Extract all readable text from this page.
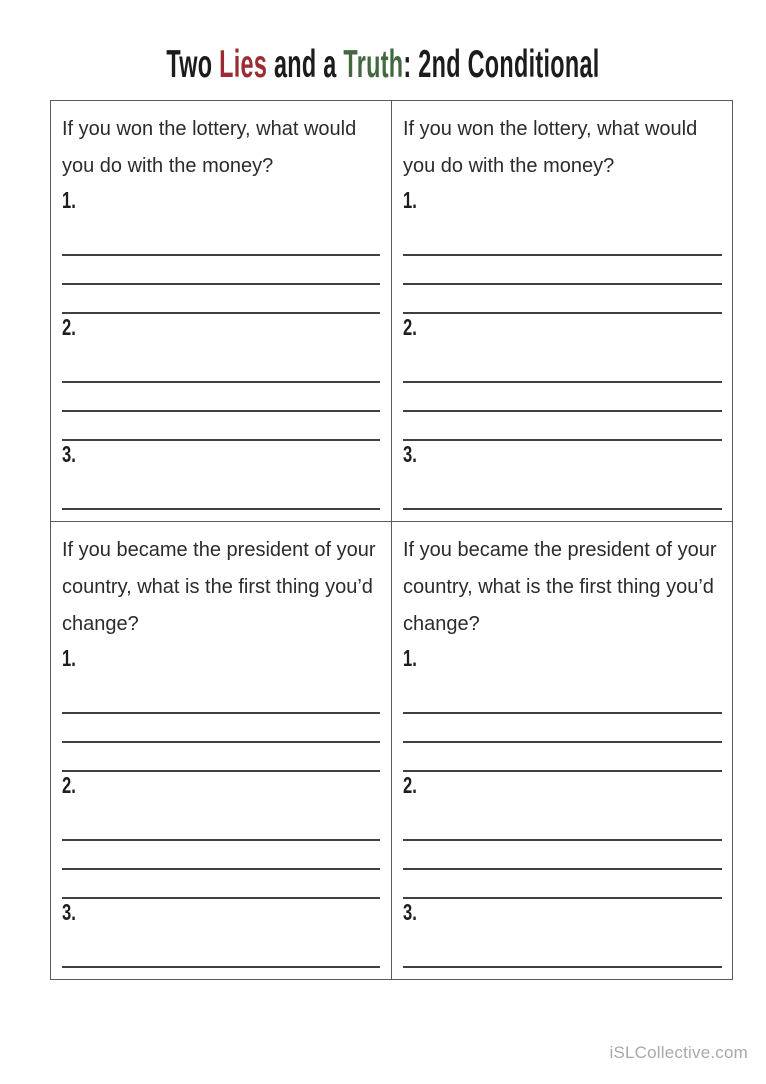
Two Lies and a Truth: 2nd Conditional
If you won the lottery, what would you do with the money?
1.
2.
3.
If you won the lottery, what would you do with the money?
1.
2.
3.
If you became the president of your country, what is the first thing you’d change?
1.
2.
3.
If you became the president of your country, what is the first thing you’d change?
1.
2.
3.
iSLCollective.com
